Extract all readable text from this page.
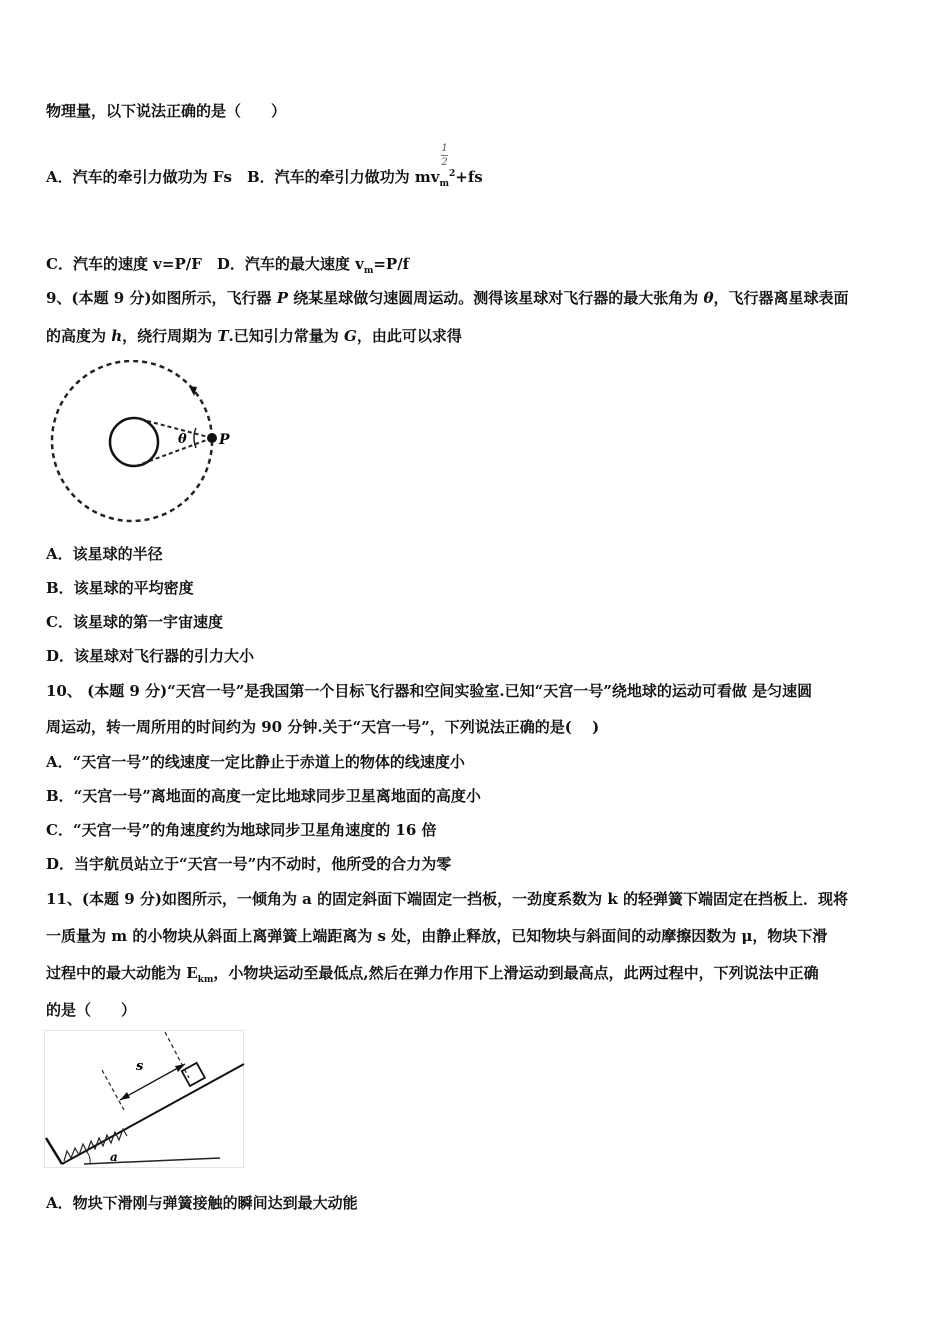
物理量，以下说法正确的是（　　）
1
2
A．汽车的牵引力做功为 Fs　B．汽车的牵引力做功为 $mv_m^2+fs$
C．汽车的速度 v=P/F　D．汽车的最大速度 $v_m=P/f$
9、(本题 9 分)如图所示，飞行器 P 绕某星球做匀速圆周运动。测得该星球对飞行器的最大张角为 θ，飞行器离星球表面
的高度为 h，绕行周期为 T.已知引力常量为 G，由此可以求得
θ P
A．该星球的半径
B．该星球的平均密度
C．该星球的第一宇宙速度
D．该星球对飞行器的引力大小
10、 (本题 9 分)“天宫一号”是我国第一个目标飞行器和空间实验室.已知“天宫一号”绕地球的运动可看做 是匀速圆
周运动，转一周所用的时间约为 90 分钟.关于“天宫一号”，下列说法正确的是(　 )
A．“天宫一号”的线速度一定比静止于赤道上的物体的线速度小
B．“天宫一号”离地面的高度一定比地球同步卫星离地面的高度小
C．“天宫一号”的角速度约为地球同步卫星角速度的 16 倍
D．当宇航员站立于“天宫一号”内不动时，他所受的合力为零
11、(本题 9 分)如图所示，一倾角为 a 的固定斜面下端固定一挡板，一劲度系数为 k 的轻弹簧下端固定在挡板上．现将
一质量为 m 的小物块从斜面上离弹簧上端距离为 s 处，由静止释放，已知物块与斜面间的动摩擦因数为 μ，物块下滑
过程中的最大动能为 $E_{km}$，小物块运动至最低点,然后在弹力作用下上滑运动到最高点，此两过程中，下列说法中正确
的是（　　）
s
a
A．物块下滑刚与弹簧接触的瞬间达到最大动能
